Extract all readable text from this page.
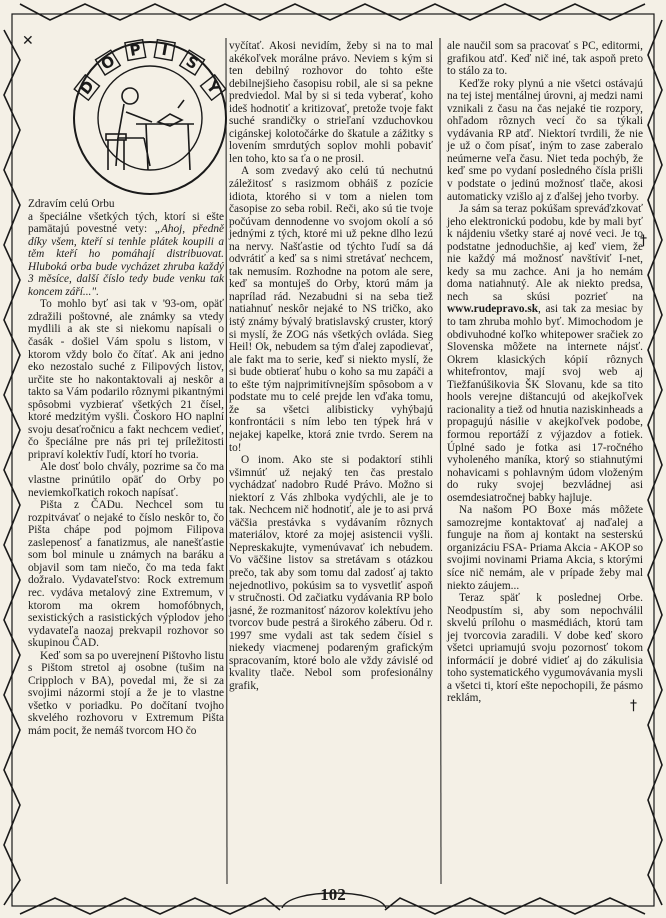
✕
†
†
D
O
P I
S
Y

Zdravím celú Orbu

a špeciálne všetkých tých, ktorí si ešte pamätajú povestné vety: „Ahoj, předně díky všem, kteří si tenhle plátek koupili a těm kteří ho pomáhají distribuovat. Hluboká orba bude vycházet zhruba každý 3 měsíce, další číslo tedy bude venku tak koncem září...".

To mohlo byť asi tak v '93-om, opäť zdražili poštovné, ale známky sa vtedy mydlili a ak ste si niekomu napísali o časák - došiel Vám spolu s listom, v ktorom vždy bolo čo čítať. Ak ani jedno eko nezostalo suché z Filipových listov, určite ste ho nakontaktovali aj neskôr a takto sa Vám podarilo rôznymi pikantnými spôsobmi vyzbierať všetkých 21 čísel, ktoré medzitým vyšli. Čoskoro HO naplní svoju desaťročnicu a fakt nechcem vedieť, čo špeciálne pre nás pri tej príležitosti pripraví kolektív ľudí, ktorí ho tvoria.

Ale dosť bolo chvály, pozrime sa čo ma vlastne prinútilo opäť do Orby po neviemkoľkatich rokoch napísať.

Pišta z ČADu. Nechcel som tu rozpitvávať o nejaké to číslo neskôr to, čo Pišta chápe pod pojmom Filipova zaslepenosť a fanatizmus, ale nanešťastie som bol minule u známych na baráku a objavil som tam niečo, čo ma teda fakt dožralo. Vydavateľstvo: Rock extremum rec. vydáva metalový zine Extremum, v ktorom ma okrem homofóbnych, sexistických a rasistických výplodov jeho vydavateľa naozaj prekvapil rozhovor so skupinou ČAD.

Keď som sa po uverejnení Pištovho listu s Pištom stretol aj osobne (tušim na Cripploch v BA), povedal mi, že si za svojimi názormi stojí a že je to vlastne všetko v poriadku. Po dočítaní tvojho skvelého rozhovoru v Extremum Pišta mám pocit, že nemáš tvorcom HO čo

vyčítať. Akosi nevidím, žeby si na to mal akékoľvek morálne právo. Neviem s kým si ten debilný rozhovor do tohto ešte debilnejšieho časopisu robil, ale si sa pekne predviedol. Mal by si si teda vyberať, koho ideš hodnotiť a kritizovať, pretože tvoje fakt suché srandičky o strieľaní vzduchovkou cigánskej kolotočárke do škatule a zážitky s lovením smrdutých soplov mohli pobaviť len toho, kto sa ťa o ne prosil.

A som zvedavý ako celú tú nechutnú záležitosť s rasizmom obháiš z pozície idiota, ktorého si v tom a nielen tom časopise zo seba robil. Reči, ako sú tie tvoje počúvam dennodenne vo svojom okolí a só jednými z tých, ktoré mi už pekne dlho lezú na nervy. Našťastie od týchto ľudí sa dá odvrátiť a keď sa s nimi stretávať nechcem, tak nemusím. Rozhodne na potom ale sere, keď sa montuješ do Orby, ktorú mám ja naprílad rád. Nezabudni si na seba tiež natiahnuť neskôr nejaké to NS tričko, ako istý známy bývalý bratislavský cruster, ktorý si myslí, že ZOG nás všetkých ovláda. Sieg Heil! Ok, nebudem sa tým ďalej zapodievať, ale fakt ma to serie, keď si niekto myslí, že si bude obtierať hubu o koho sa mu zapáči a to ešte tým najprimitívnejším spôsobom a v podstate mu to celé prejde len vďaka tomu, že sa všetci alibisticky vyhýbajú konfrontácii s ním lebo ten týpek hrá v nejakej kapelke, ktorá znie tvrdo. Serem na to!

O inom. Ako ste si podaktorí stihli všimnúť už nejaký ten čas prestalo vychádzať nadobro Rudé Právo. Možno si niektorí z Vás zhlboka vydýchli, ale je to tak. Nechcem nič hodnotiť, ale je to asi prvá väčšia prestávka s vydávaním rôznych materiálov, ktoré za mojej asistencii vyšli. Nepreskakujte, vymenúvavať ich nebudem. Vo väčšine listov sa stretávam s otázkou prečo, tak aby som tomu dal zadosť aj takto nejednotlivo, pokúsim sa to vysvetliť aspoň v stručnosti. Od začiatku vydávania RP bolo jasné, že rozmanitosť názorov kolektívu jeho tvorcov bude pestrá a širokého záberu. Od r. 1997 sme vydali ast tak sedem čísiel s niekedy viacmenej podareným grafickým spracovaním, ktoré bolo ale vždy závislé od kvality tlače. Nebol som profesionálny grafik,

ale naučil som sa pracovať s PC, editormi, grafikou atď. Keď nič iné, tak aspoň preto to stálo za to.

Keďže roky plynú a nie všetci ostávajú na tej istej mentálnej úrovni, aj medzi nami vznikali z času na čas nejaké tie rozpory, ohľadom rôznych vecí čo sa týkali vydávania RP atď. Niektorí tvrdili, že nie je už o čom písať, iným to zase zaberalo neúmerne veľa času. Niet teda pochýb, že keď sme po vydaní posledného čísla prišli v podstate o jedinú možnosť tlače, akosi automaticky vzišlo aj z ďalšej jeho tvorby.

Ja sám sa teraz pokúšam spreváďzkovať jeho elektronickú podobu, kde by mali byť k nájdeniu všetky staré aj nové veci. Je to podstatne jednoduchšie, aj keď viem, že nie každý má možnosť navštíviť I-net, kedy sa mu zachce. Ani ja ho nemám doma natiahnutý. Ale ak niekto predsa, nech sa skúsi pozrieť na www.rudepravo.sk, asi tak za mesiac by to tam zhruba mohlo byť. Mimochodom je obdivuhodné koľko whitepower sračiek zo Slovenska môžete na internete nájsť. Okrem klasických kópií rôznych whitefrontov, mají svoj web aj Tiežfanúšikovia ŠK Slovanu, kde sa tito hools verejne dištancujú od akejkoľvek racionality a tiež od hnutia naziskinheads a propagujú násilie v akejkoľvek podobe, formou reportáží z výjazdov a fotiek. Úplné sado je fotka asi 17-ročného vyholeného maníka, ktorý so stiahnutými nohavicami s pohlavným údom vloženým do ruky svojej bezvládnej asi osemdesiatročnej babky hajluje.

Na našom PO Boxe más môžete samozrejme kontaktovať aj naďalej a funguje na ňom aj kontakt na sesterskú organizáciu FSA- Priama Akcia - AKOP so svojimi novinami Priama Akcia, s ktorými síce nič nemám, ale v prípade žeby mal niekto záujem...

Teraz späť k poslednej Orbe. Neodpustím si, aby som nepochválil skvelú prílohu o masmédiách, ktorú tam jej tvorcovia zaradili. V dobe keď skoro všetci upriamujú svoju pozornosť tokom informácií je dobré vidieť aj do zákulisia toho systematického vygumovávania mysli a všetci ti, ktorí ešte nepochopili, že pásmo reklám,

102
